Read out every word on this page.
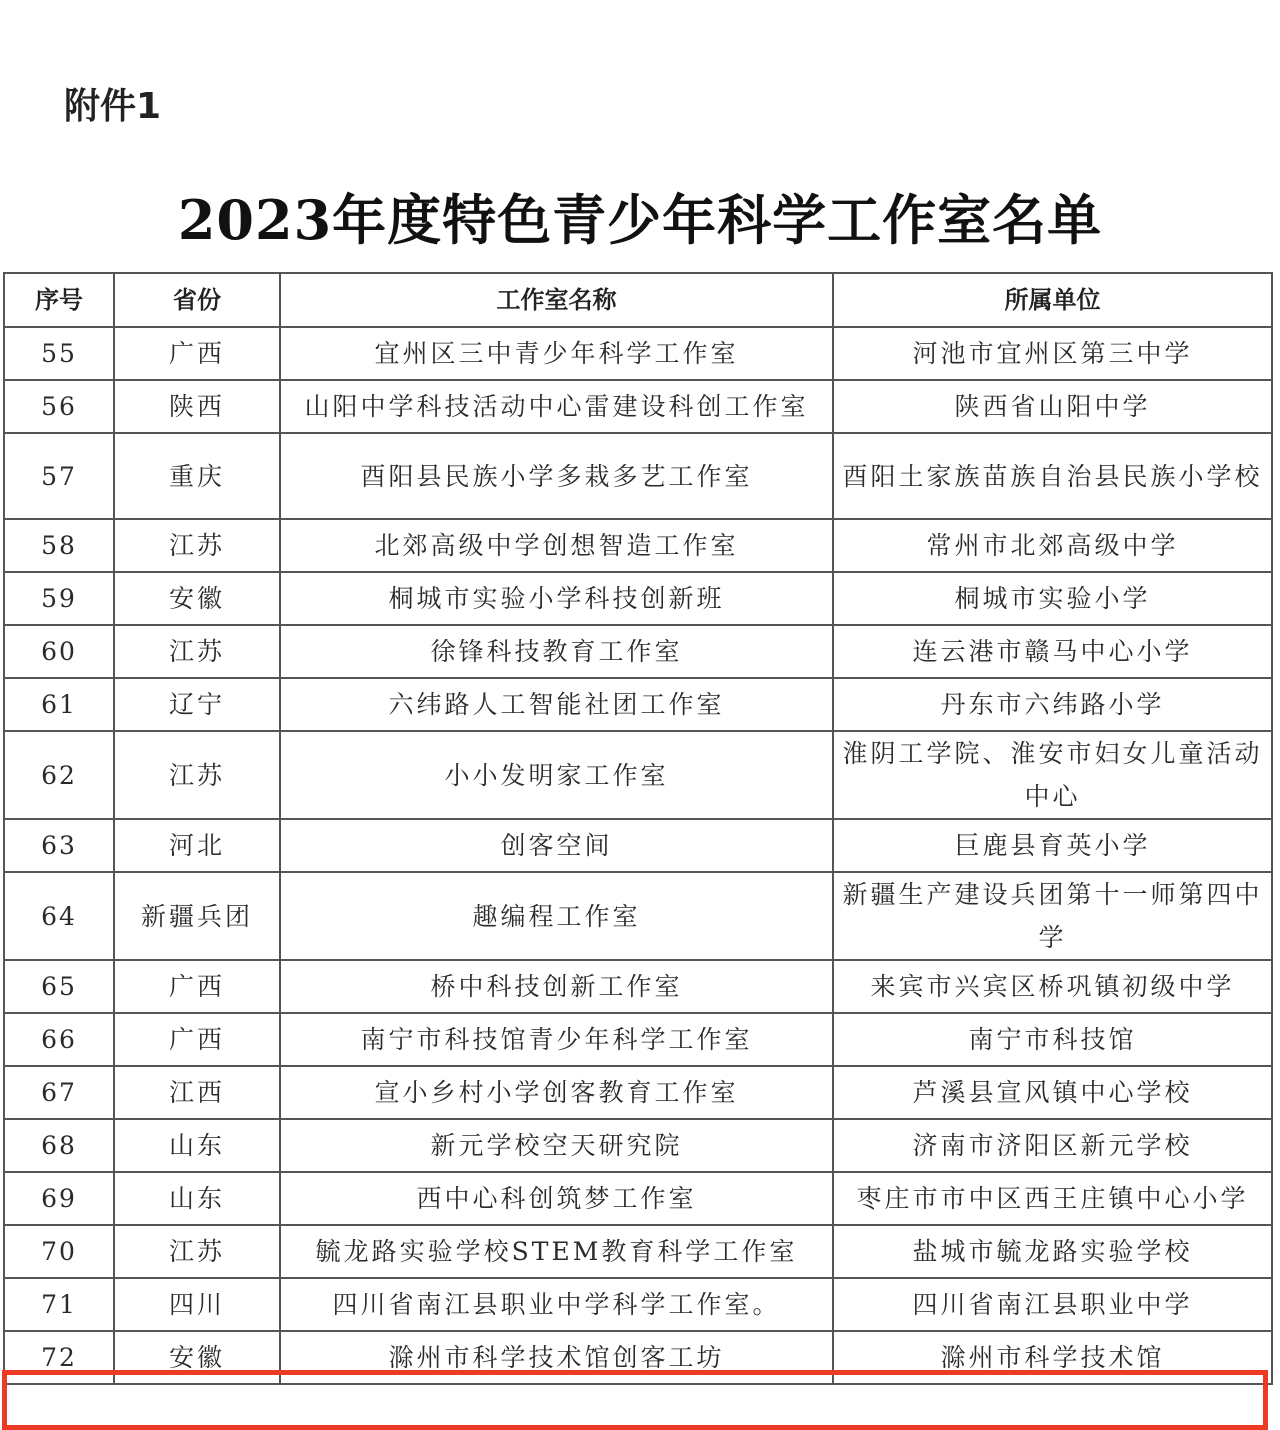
附件1
2023年度特色青少年科学工作室名单
序号	省份	工作室名称	所属单位
55	广西	宜州区三中青少年科学工作室	河池市宜州区第三中学
56	陕西	山阳中学科技活动中心雷建设科创工作室	陕西省山阳中学
57	重庆	酉阳县民族小学多栽多艺工作室	酉阳土家族苗族自治县民族小学校
58	江苏	北郊高级中学创想智造工作室	常州市北郊高级中学
59	安徽	桐城市实验小学科技创新班	桐城市实验小学
60	江苏	徐锋科技教育工作室	连云港市赣马中心小学
61	辽宁	六纬路人工智能社团工作室	丹东市六纬路小学
62	江苏	小小发明家工作室	淮阴工学院、淮安市妇女儿童活动中心
63	河北	创客空间	巨鹿县育英小学
64	新疆兵团	趣编程工作室	新疆生产建设兵团第十一师第四中学
65	广西	桥中科技创新工作室	来宾市兴宾区桥巩镇初级中学
66	广西	南宁市科技馆青少年科学工作室	南宁市科技馆
67	江西	宣小乡村小学创客教育工作室	芦溪县宣风镇中心学校
68	山东	新元学校空天研究院	济南市济阳区新元学校
69	山东	西中心科创筑梦工作室	枣庄市市中区西王庄镇中心小学
70	江苏	毓龙路实验学校STEM教育科学工作室	盐城市毓龙路实验学校
71	四川	四川省南江县职业中学科学工作室。	四川省南江县职业中学
72	安徽	滁州市科学技术馆创客工坊	滁州市科学技术馆
